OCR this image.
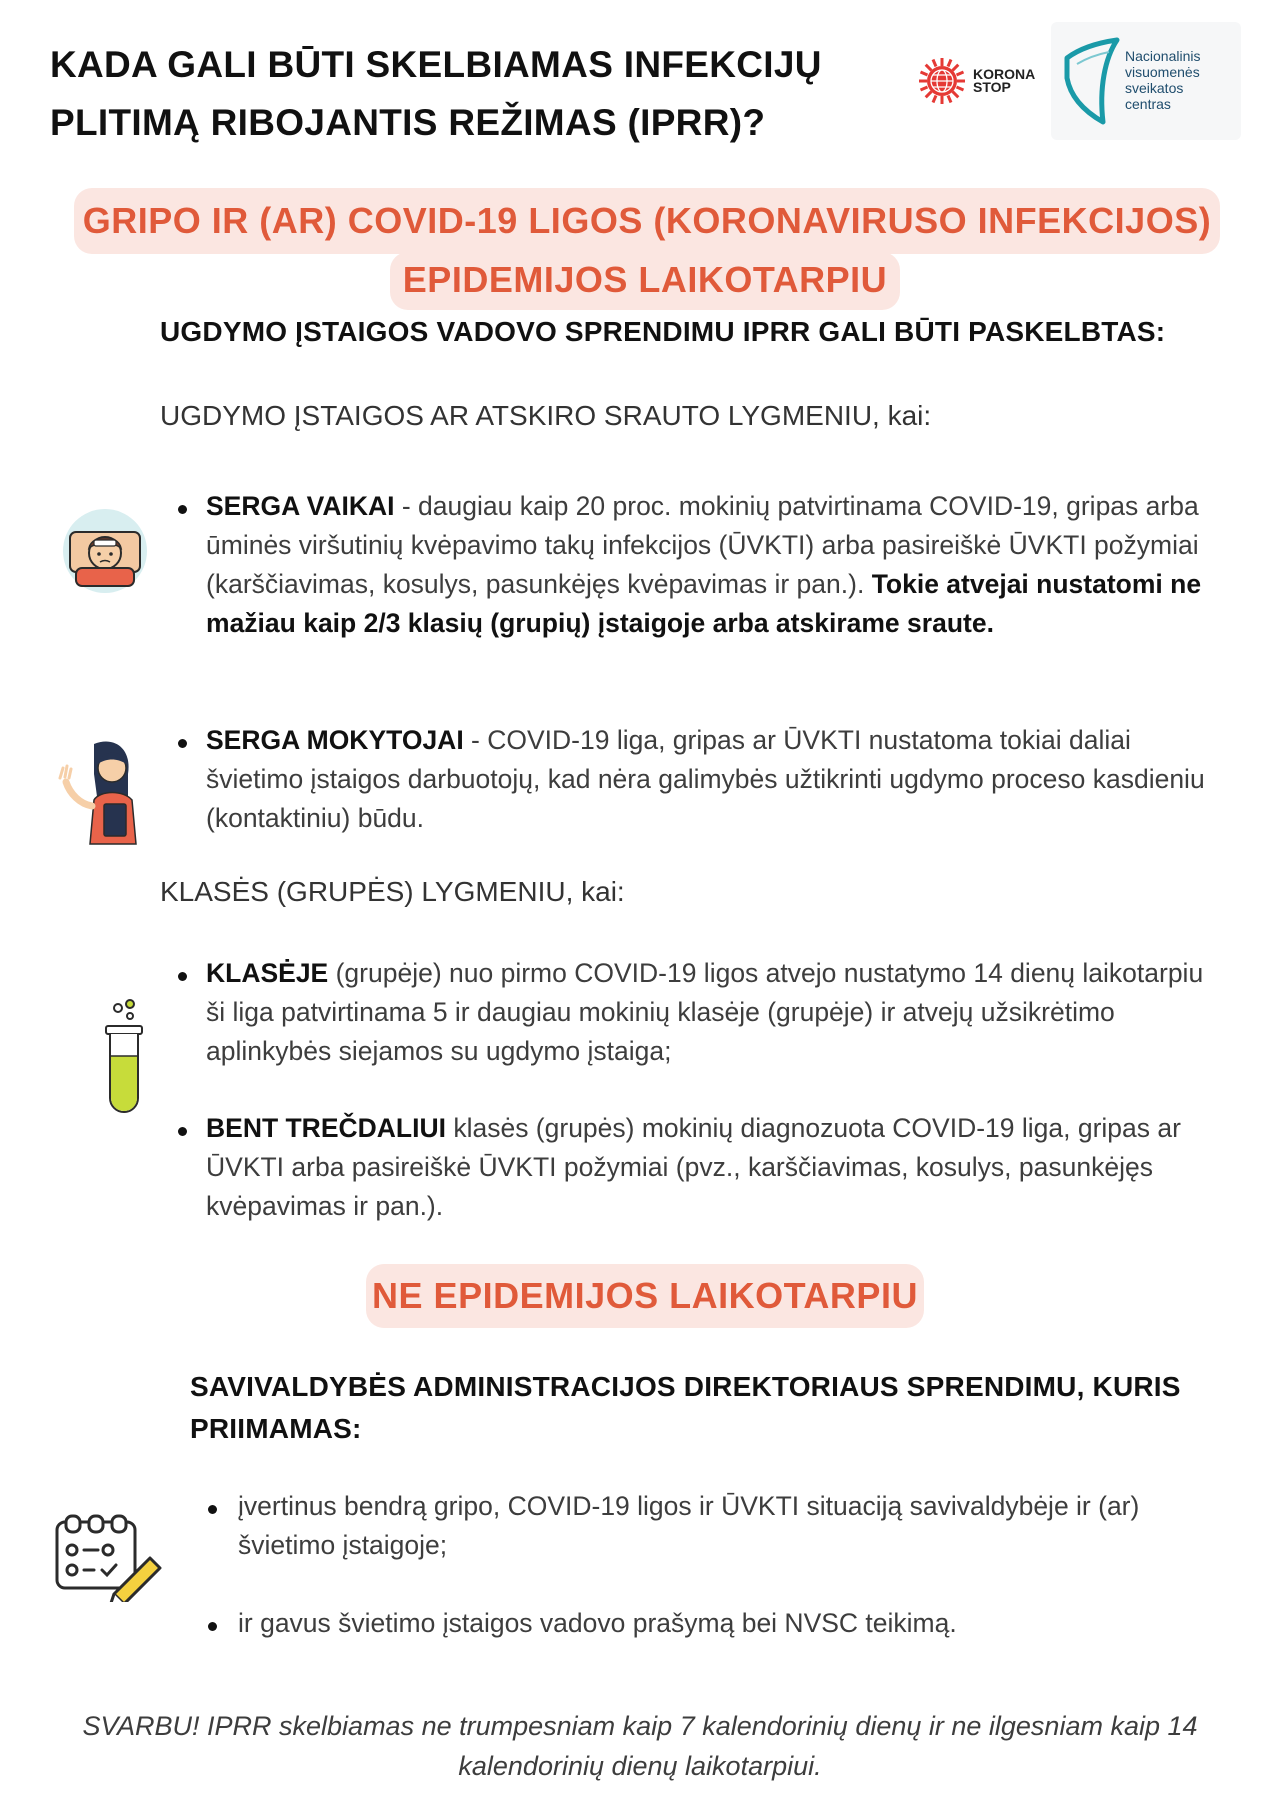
KADA GALI BŪTI SKELBIAMAS INFEKCIJŲ
PLITIMĄ RIBOJANTIS REŽIMAS (IPRR)?
KORONA
STOP
Nacionalinis
visuomenės
sveikatos
centras
GRIPO IR (AR) COVID-19 LIGOS (KORONAVIRUSO INFEKCIJOS)
EPIDEMIJOS LAIKOTARPIU
UGDYMO ĮSTAIGOS VADOVO SPRENDIMU IPRR GALI BŪTI PASKELBTAS:
UGDYMO ĮSTAIGOS AR ATSKIRO SRAUTO LYGMENIU, kai:
SERGA VAIKAI - daugiau kaip 20 proc. mokinių patvirtinama COVID-19, gripas arba ūminės viršutinių kvėpavimo takų infekcijos (ŪVKTI) arba pasireiškė ŪVKTI požymiai (karščiavimas, kosulys, pasunkėjęs kvėpavimas ir pan.). Tokie atvejai nustatomi ne mažiau kaip 2/3 klasių (grupių) įstaigoje arba atskirame sraute.
SERGA MOKYTOJAI - COVID-19 liga, gripas ar ŪVKTI nustatoma tokiai daliai švietimo įstaigos darbuotojų, kad nėra galimybės užtikrinti ugdymo proceso kasdieniu (kontaktiniu) būdu.
KLASĖS (GRUPĖS) LYGMENIU, kai:
KLASĖJE (grupėje) nuo pirmo COVID-19 ligos atvejo nustatymo 14 dienų laikotarpiu ši liga patvirtinama 5 ir daugiau mokinių klasėje (grupėje) ir atvejų užsikrėtimo aplinkybės siejamos su ugdymo įstaiga;
BENT TREČDALIUI klasės (grupės) mokinių diagnozuota COVID-19 liga, gripas ar ŪVKTI arba pasireiškė ŪVKTI požymiai (pvz., karščiavimas, kosulys, pasunkėjęs kvėpavimas ir pan.).
NE EPIDEMIJOS LAIKOTARPIU
SAVIVALDYBĖS ADMINISTRACIJOS DIREKTORIAUS SPRENDIMU, KURIS
PRIIMAMAS:
įvertinus bendrą gripo, COVID-19 ligos ir ŪVKTI situaciją savivaldybėje ir (ar) švietimo įstaigoje;
ir gavus švietimo įstaigos vadovo prašymą bei NVSC teikimą.
SVARBU! IPRR skelbiamas ne trumpesniam kaip 7 kalendorinių dienų ir ne ilgesniam kaip 14
kalendorinių dienų laikotarpiui.
